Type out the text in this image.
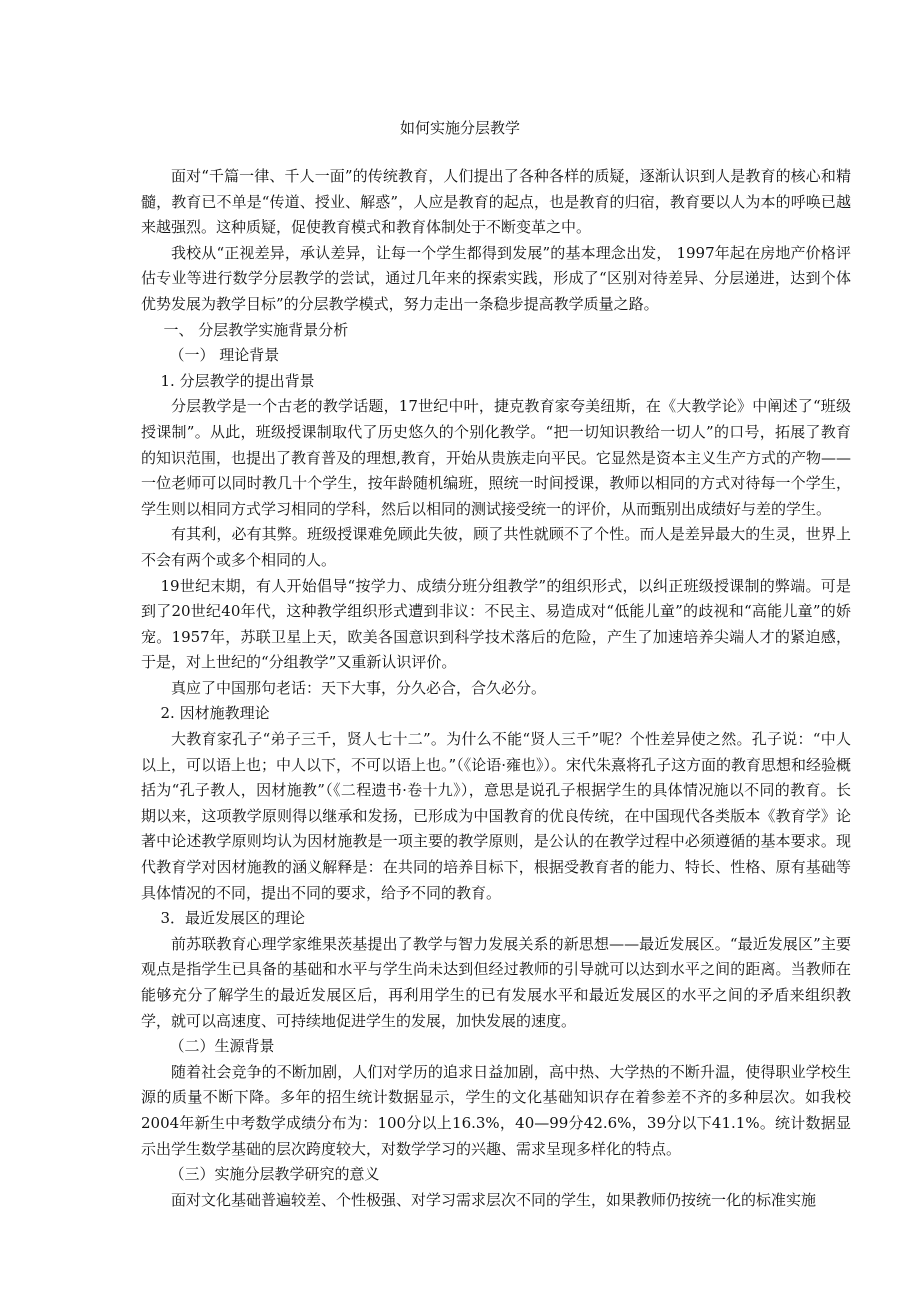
如何实施分层教学

面对“千篇一律、千人一面”的传统教育，人们提出了各种各样的质疑，逐渐认识到人是教育的核心和精髓，教育已不单是“传道、授业、解惑”，人应是教育的起点，也是教育的归宿，教育要以人为本的呼唤已越来越强烈。这种质疑，促使教育模式和教育体制处于不断变革之中。

我校从“正视差异，承认差异，让每一个学生都得到发展”的基本理念出发， 1997年起在房地产价格评估专业等进行数学分层教学的尝试，通过几年来的探索实践，形成了“区别对待差异、分层递进，达到个体优势发展为教学目标”的分层教学模式，努力走出一条稳步提高教学质量之路。

一、 分层教学实施背景分析

（一） 理论背景

1. 分层教学的提出背景

分层教学是一个古老的教学话题，17世纪中叶，捷克教育家夸美纽斯，在《大教学论》中阐述了“班级授课制”。从此，班级授课制取代了历史悠久的个别化教学。“把一切知识教给一切人”的口号，拓展了教育的知识范围，也提出了教育普及的理想,教育，开始从贵族走向平民。它显然是资本主义生产方式的产物——一位老师可以同时教几十个学生，按年龄随机编班，照统一时间授课，教师以相同的方式对待每一个学生，学生则以相同方式学习相同的学科，然后以相同的测试接受统一的评价，从而甄别出成绩好与差的学生。

有其利，必有其弊。班级授课难免顾此失彼，顾了共性就顾不了个性。而人是差异最大的生灵，世界上不会有两个或多个相同的人。

19世纪末期，有人开始倡导“按学力、成绩分班分组教学”的组织形式，以纠正班级授课制的弊端。可是到了20世纪40年代，这种教学组织形式遭到非议：不民主、易造成对“低能儿童”的歧视和“高能儿童”的娇宠。1957年，苏联卫星上天，欧美各国意识到科学技术落后的危险，产生了加速培养尖端人才的紧迫感，于是，对上世纪的“分组教学”又重新认识评价。

真应了中国那句老话：天下大事，分久必合，合久必分。

2. 因材施教理论

大教育家孔子“弟子三千，贤人七十二”。为什么不能“贤人三千”呢？个性差异使之然。孔子说：“中人以上，可以语上也；中人以下，不可以语上也。”（《论语·雍也》）。宋代朱熹将孔子这方面的教育思想和经验概括为“孔子教人，因材施教”（《二程遗书·卷十九》），意思是说孔子根据学生的具体情况施以不同的教育。长期以来，这项教学原则得以继承和发扬，已形成为中国教育的优良传统，在中国现代各类版本《教育学》论著中论述教学原则均认为因材施教是一项主要的教学原则，是公认的在教学过程中必须遵循的基本要求。现代教育学对因材施教的涵义解释是：在共同的培养目标下，根据受教育者的能力、特长、性格、原有基础等具体情况的不同，提出不同的要求，给予不同的教育。

3．最近发展区的理论

前苏联教育心理学家维果茨基提出了教学与智力发展关系的新思想——最近发展区。“最近发展区”主要观点是指学生已具备的基础和水平与学生尚未达到但经过教师的引导就可以达到水平之间的距离。当教师在能够充分了解学生的最近发展区后，再利用学生的已有发展水平和最近发展区的水平之间的矛盾来组织教学，就可以高速度、可持续地促进学生的发展，加快发展的速度。

（二）生源背景

随着社会竞争的不断加剧，人们对学历的追求日益加剧，高中热、大学热的不断升温，使得职业学校生源的质量不断下降。多年的招生统计数据显示，学生的文化基础知识存在着参差不齐的多种层次。如我校2004年新生中考数学成绩分布为：100分以上16.3%，40—99分42.6%，39分以下41.1%。统计数据显示出学生数学基础的层次跨度较大，对数学学习的兴趣、需求呈现多样化的特点。

（三）实施分层教学研究的意义

面对文化基础普遍较差、个性极强、对学习需求层次不同的学生，如果教师仍按统一化的标准实施
